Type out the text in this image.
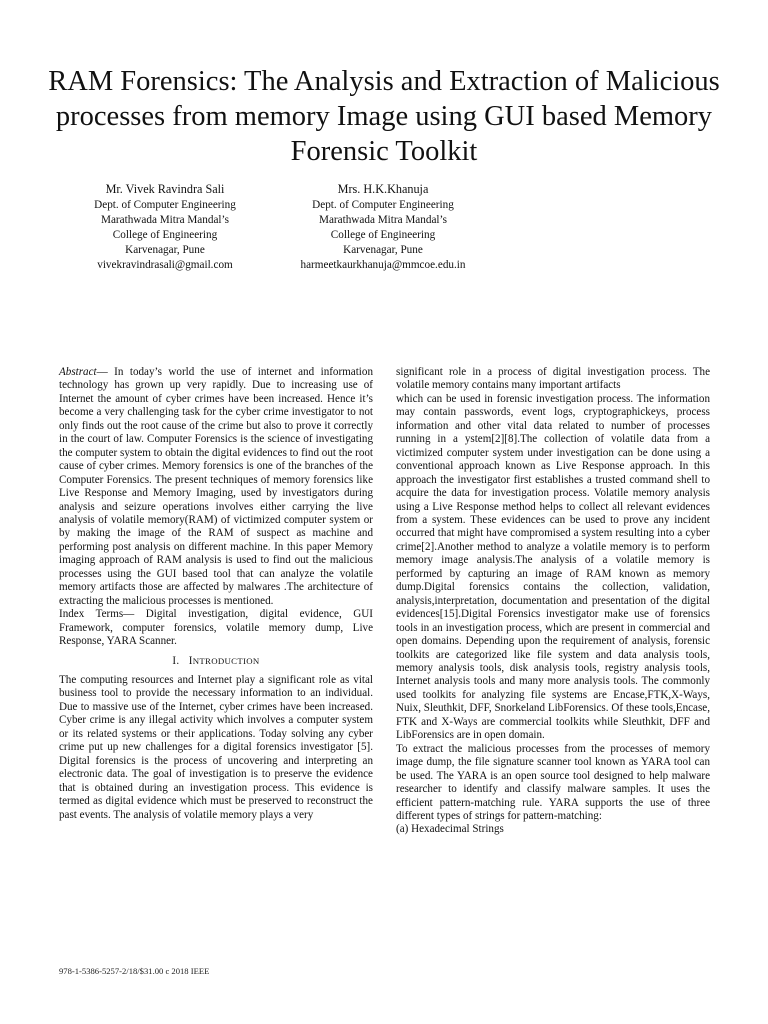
RAM Forensics: The Analysis and Extraction of Malicious processes from memory Image using GUI based Memory Forensic Toolkit
Mr. Vivek Ravindra Sali
Dept. of Computer Engineering
Marathwada Mitra Mandal’s
College of Engineering
Karvenagar, Pune
vivekravindrasali@gmail.com
Mrs. H.K.Khanuja
Dept. of Computer Engineering
Marathwada Mitra Mandal’s
College of Engineering
Karvenagar, Pune
harmeetkaurkhanuja@mmcoe.edu.in

Abstract— In today’s world the use of internet and information technology has grown up very rapidly. Due to increasing use of Internet the amount of cyber crimes have been increased. Hence it’s become a very challenging task for the cyber crime investigator to not only finds out the root cause of the crime but also to prove it correctly in the court of law. Computer Forensics is the science of investigating the computer system to obtain the digital evidences to find out the root cause of cyber crimes. Memory forensics is one of the branches of the Computer Forensics. The present techniques of memory forensics like Live Response and Memory Imaging, used by investigators during analysis and seizure operations involves either carrying the live analysis of volatile memory(RAM) of victimized computer system or by making the image of the RAM of suspect as machine and performing post analysis on different machine. In this paper Memory imaging approach of RAM analysis is used to find out the malicious processes using the GUI based tool that can analyze the volatile memory artifacts those are affected by malwares .The architecture of extracting the malicious processes is mentioned.

Index Terms— Digital investigation, digital evidence, GUI Framework, computer forensics, volatile memory dump, Live Response, YARA Scanner.

I. INTRODUCTION

The computing resources and Internet play a significant role as vital business tool to provide the necessary information to an individual. Due to massive use of the Internet, cyber crimes have been increased. Cyber crime is any illegal activity which involves a computer system or its related systems or their applications. Today solving any cyber crime put up new challenges for a digital forensics investigator [5]. Digital forensics is the process of uncovering and interpreting an electronic data. The goal of investigation is to preserve the evidence that is obtained during an investigation process. This evidence is termed as digital evidence which must be preserved to reconstruct the past events. The analysis of volatile memory plays a very

significant role in a process of digital investigation process. The volatile memory contains many important artifacts

which can be used in forensic investigation process. The information may contain passwords, event logs, cryptographickeys, process information and other vital data related to number of processes running in a ystem[2][8].The collection of volatile data from a victimized computer system under investigation can be done using a conventional approach known as Live Response approach. In this approach the investigator first establishes a trusted command shell to acquire the data for investigation process. Volatile memory analysis using a Live Response method helps to collect all relevant evidences from a system. These evidences can be used to prove any incident occurred that might have compromised a system resulting into a cyber crime[2].Another method to analyze a volatile memory is to perform memory image analysis.The analysis of a volatile memory is performed by capturing an image of RAM known as memory dump.Digital forensics contains the collection, validation, analysis,interpretation, documentation and presentation of the digital evidences[15].Digital Forensics investigator make use of forensics tools in an investigation process, which are present in commercial and open domains. Depending upon the requirement of analysis, forensic toolkits are categorized like file system and data analysis tools, memory analysis tools, disk analysis tools, registry analysis tools, Internet analysis tools and many more analysis tools. The commonly used toolkits for analyzing file systems are Encase,FTK,X-Ways, Nuix, Sleuthkit, DFF, Snorkeland LibForensics. Of these tools,Encase, FTK and X-Ways are commercial toolkits while Sleuthkit, DFF and LibForensics are in open domain.

To extract the malicious processes from the processes of memory image dump, the file signature scanner tool known as YARA tool can be used. The YARA is an open source tool designed to help malware researcher to identify and classify malware samples. It uses the efficient pattern-matching rule. YARA supports the use of three different types of strings for pattern-matching:

(a) Hexadecimal Strings

978-1-5386-5257-2/18/$31.00 c 2018 IEEE
